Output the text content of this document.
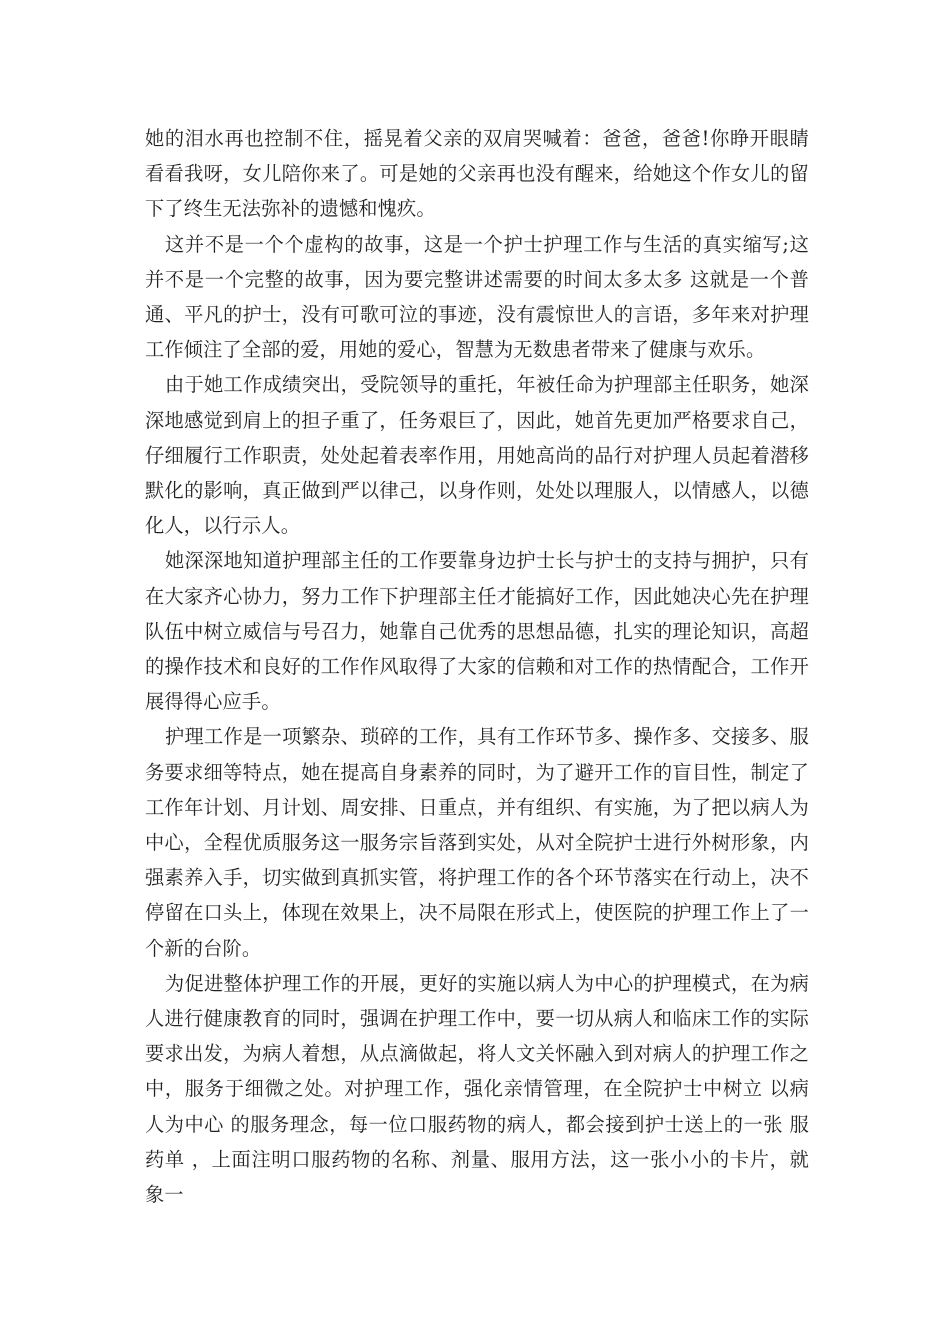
她的泪水再也控制不住，摇晃着父亲的双肩哭喊着：爸爸，爸爸!你睁开眼睛看看我呀，女儿陪你来了。可是她的父亲再也没有醒来，给她这个作女儿的留下了终生无法弥补的遗憾和愧疚。

这并不是一个个虚构的故事，这是一个护士护理工作与生活的真实缩写;这并不是一个完整的故事，因为要完整讲述需要的时间太多太多 这就是一个普通、平凡的护士，没有可歌可泣的事迹，没有震惊世人的言语，多年来对护理工作倾注了全部的爱，用她的爱心，智慧为无数患者带来了健康与欢乐。

由于她工作成绩突出，受院领导的重托，年被任命为护理部主任职务，她深深地感觉到肩上的担子重了，任务艰巨了，因此，她首先更加严格要求自己，仔细履行工作职责，处处起着表率作用，用她高尚的品行对护理人员起着潜移默化的影响，真正做到严以律己，以身作则，处处以理服人，以情感人，以德化人，以行示人。

她深深地知道护理部主任的工作要靠身边护士长与护士的支持与拥护，只有在大家齐心协力，努力工作下护理部主任才能搞好工作，因此她决心先在护理队伍中树立威信与号召力，她靠自己优秀的思想品德，扎实的理论知识，高超的操作技术和良好的工作作风取得了大家的信赖和对工作的热情配合，工作开展得得心应手。

护理工作是一项繁杂、琐碎的工作，具有工作环节多、操作多、交接多、服务要求细等特点，她在提高自身素养的同时，为了避开工作的盲目性，制定了工作年计划、月计划、周安排、日重点，并有组织、有实施，为了把以病人为中心，全程优质服务这一服务宗旨落到实处，从对全院护士进行外树形象，内强素养入手，切实做到真抓实管，将护理工作的各个环节落实在行动上，决不停留在口头上，体现在效果上，决不局限在形式上，使医院的护理工作上了一个新的台阶。

为促进整体护理工作的开展，更好的实施以病人为中心的护理模式，在为病人进行健康教育的同时，强调在护理工作中，要一切从病人和临床工作的实际要求出发，为病人着想，从点滴做起，将人文关怀融入到对病人的护理工作之中，服务于细微之处。对护理工作，强化亲情管理，在全院护士中树立 以病人为中心 的服务理念，每一位口服药物的病人，都会接到护士送上的一张 服药单 ，上面注明口服药物的名称、剂量、服用方法，这一张小小的卡片，就象一
